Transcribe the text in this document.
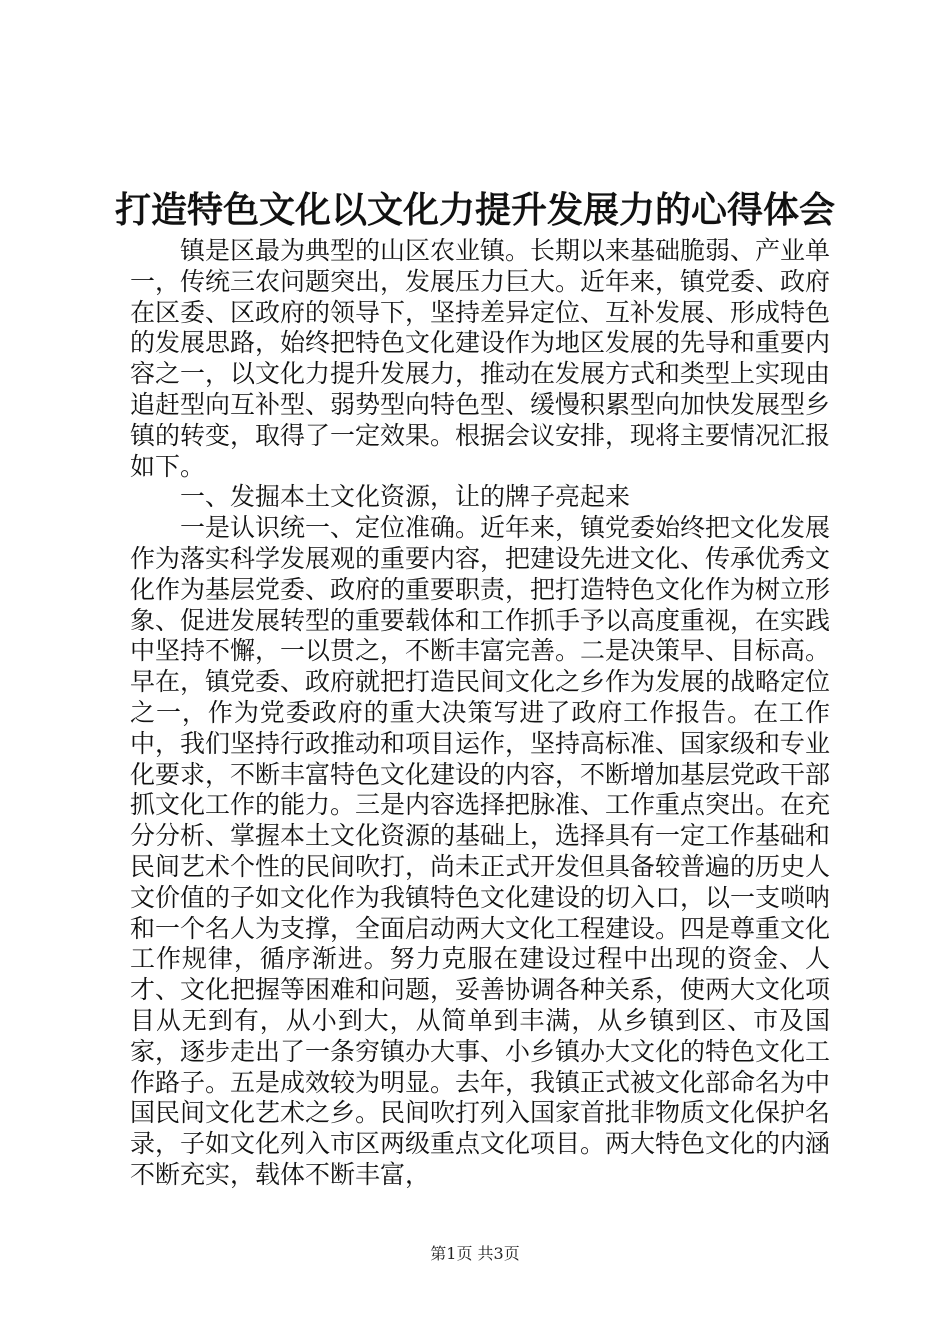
打造特色文化以文化力提升发展力的心得体会

镇是区最为典型的山区农业镇。长期以来基础脆弱、产业单一，传统三农问题突出，发展压力巨大。近年来，镇党委、政府在区委、区政府的领导下，坚持差异定位、互补发展、形成特色的发展思路，始终把特色文化建设作为地区发展的先导和重要内容之一，以文化力提升发展力，推动在发展方式和类型上实现由追赶型向互补型、弱势型向特色型、缓慢积累型向加快发展型乡镇的转变，取得了一定效果。根据会议安排，现将主要情况汇报如下。

一、发掘本土文化资源，让的牌子亮起来

一是认识统一、定位准确。近年来，镇党委始终把文化发展作为落实科学发展观的重要内容，把建设先进文化、传承优秀文化作为基层党委、政府的重要职责，把打造特色文化作为树立形象、促进发展转型的重要载体和工作抓手予以高度重视，在实践中坚持不懈，一以贯之，不断丰富完善。二是决策早、目标高。早在，镇党委、政府就把打造民间文化之乡作为发展的战略定位之一，作为党委政府的重大决策写进了政府工作报告。在工作中，我们坚持行政推动和项目运作，坚持高标准、国家级和专业化要求，不断丰富特色文化建设的内容，不断增加基层党政干部抓文化工作的能力。三是内容选择把脉准、工作重点突出。在充分分析、掌握本土文化资源的基础上，选择具有一定工作基础和民间艺术个性的民间吹打，尚未正式开发但具备较普遍的历史人文价值的子如文化作为我镇特色文化建设的切入口，以一支唢呐和一个名人为支撑，全面启动两大文化工程建设。四是尊重文化工作规律，循序渐进。努力克服在建设过程中出现的资金、人才、文化把握等困难和问题，妥善协调各种关系，使两大文化项目从无到有，从小到大，从简单到丰满，从乡镇到区、市及国家，逐步走出了一条穷镇办大事、小乡镇办大文化的特色文化工作路子。五是成效较为明显。去年，我镇正式被文化部命名为中国民间文化艺术之乡。民间吹打列入国家首批非物质文化保护名录，子如文化列入市区两级重点文化项目。两大特色文化的内涵不断充实，载体不断丰富，

第1页 共3页
